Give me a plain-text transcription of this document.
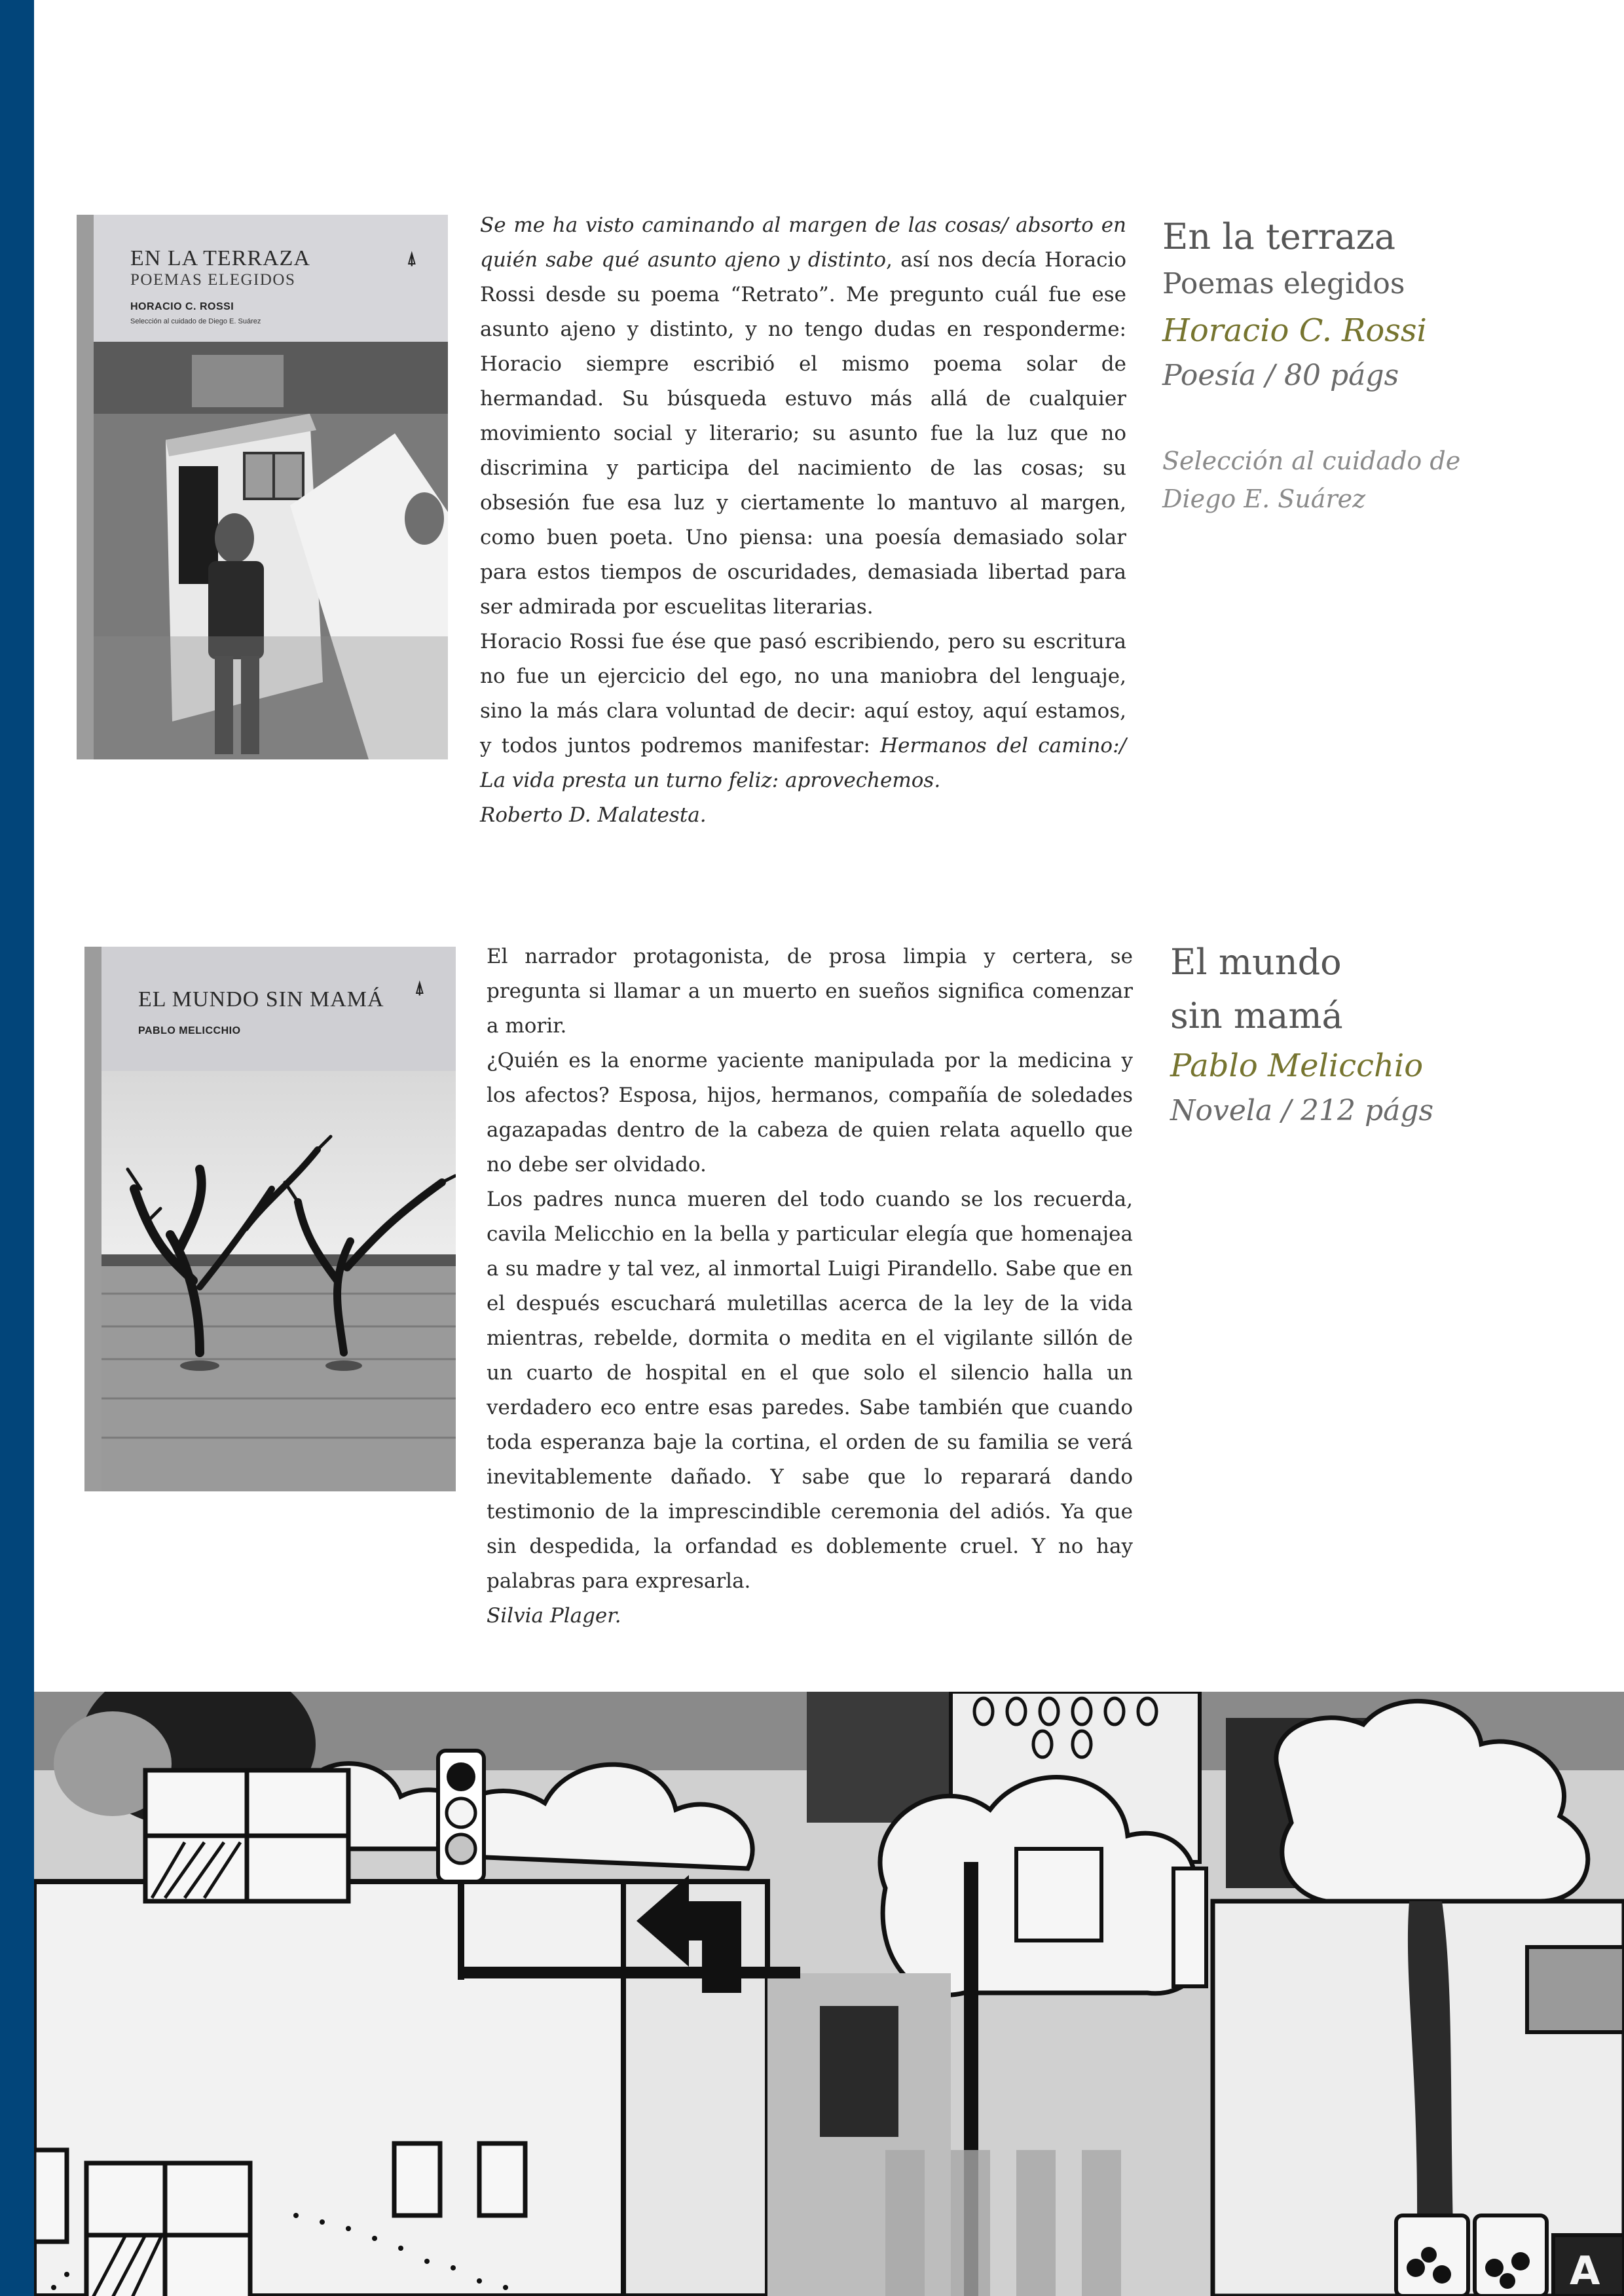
EN LA TERRAZA
POEMAS ELEGIDOS
HORACIO C. ROSSI
Selección al cuidado de Diego E. Suárez
⍋

Se me ha visto caminando al margen de las cosas/ absorto en quién sabe qué asunto ajeno y distinto, así nos decía Horacio Rossi desde su poema “Retrato”. Me pregunto cuál fue ese asunto ajeno y distinto, y no tengo dudas en responderme: Horacio siempre escribió el mismo poema solar de hermandad. Su búsqueda estuvo más allá de cualquier movimiento social y literario; su asunto fue la luz que no discrimina y participa del nacimiento de las cosas; su obsesión fue esa luz y ciertamente lo mantuvo al margen, como buen poeta. Uno piensa: una poesía demasiado solar para estos tiempos de oscuridades, demasiada libertad para ser admirada por escuelitas literarias.

Horacio Rossi fue ése que pasó escribiendo, pero su escritura no fue un ejercicio del ego, no una maniobra del lenguaje, sino la más clara voluntad de decir: aquí estoy, aquí estamos, y todos juntos podremos manifestar: Hermanos del camino:/ La vida presta un turno feliz: aprovechemos.

Roberto D. Malatesta.

En la terraza
Poemas elegidos
Horacio C. Rossi
Poesía / 80 págs
Selección al cuidado de
Diego E. Suárez
EL MUNDO SIN MAMÁ
PABLO MELICCHIO
⍋

El narrador protagonista, de prosa limpia y certera, se pregunta si llamar a un muerto en sueños significa comenzar a morir.

¿Quién es la enorme yaciente manipulada por la medicina y los afectos? Esposa, hijos, hermanos, compañía de soledades agazapadas dentro de la cabeza de quien relata aquello que no debe ser olvidado.

Los padres nunca mueren del todo cuando se los recuerda, cavila Melicchio en la bella y particular elegía que homenajea a su madre y tal vez, al inmortal Luigi Pirandello. Sabe que en el después escuchará muletillas acerca de la ley de la vida mientras, rebelde, dormita o medita en el vigilante sillón de un cuarto de hospital en el que solo el silencio halla un verdadero eco entre esas paredes. Sabe también que cuando toda esperanza baje la cortina, el orden de su familia se verá inevitablemente dañado. Y sabe que lo reparará dando testimonio de la imprescindible ceremonia del adiós. Ya que sin despedida, la orfandad es doblemente cruel. Y no hay palabras para expresarla.

Silvia Plager.

El mundo
sin mamá
Pablo Melicchio
Novela / 212 págs
A
